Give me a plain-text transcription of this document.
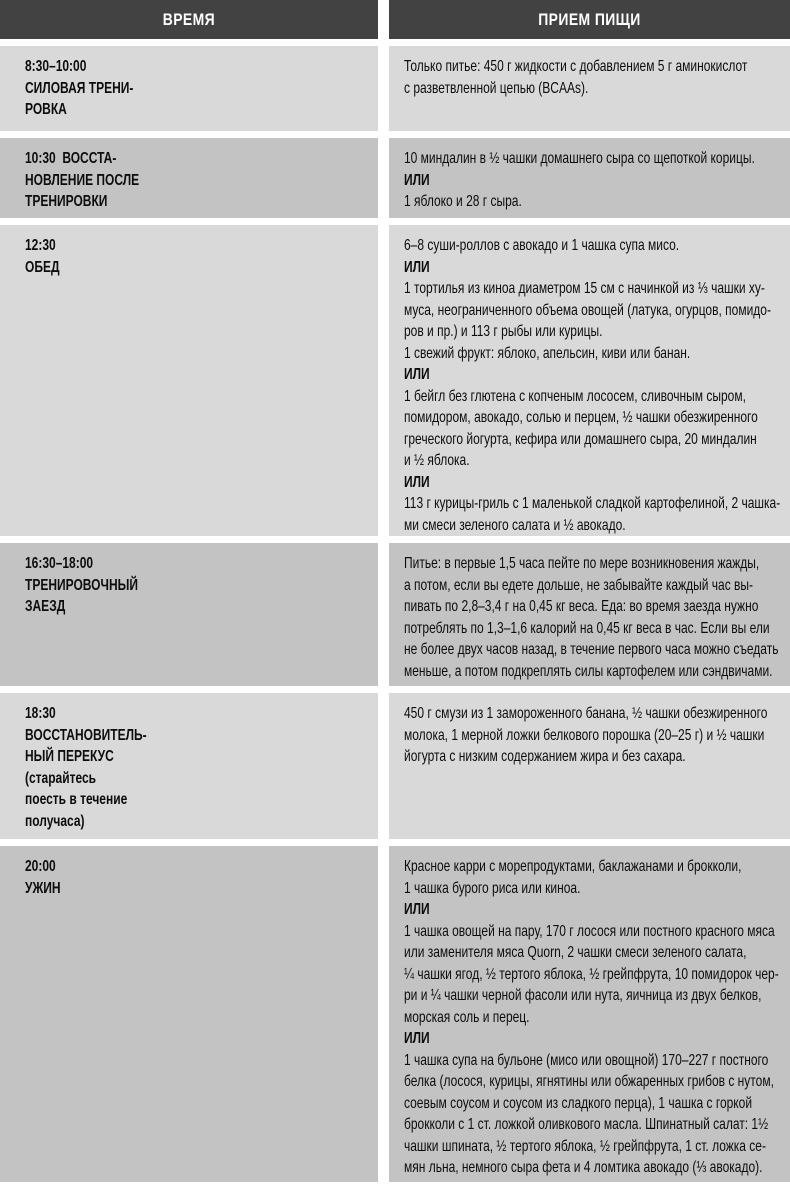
ВРЕМЯ	ПРИЕМ ПИЩИ
8:30–10:00
СИЛОВАЯ ТРЕНИ-
РОВКА
Только питье: 450 г жидкости с добавлением 5 г аминокислот
с разветвленной цепью (BCAAs).
10:30  ВОССТА-
НОВЛЕНИЕ ПОСЛЕ
ТРЕНИРОВКИ
10 миндалин в ½ чашки домашнего сыра со щепоткой корицы.
ИЛИ
1 яблоко и 28 г сыра.
12:30
ОБЕД
6–8 суши-роллов с авокадо и 1 чашка супа мисо.
ИЛИ
1 тортилья из киноа диаметром 15 см с начинкой из ⅓ чашки ху-
муса, неограниченного объема овощей (латука, огурцов, помидо-
ров и пр.) и 113 г рыбы или курицы.
1 свежий фрукт: яблоко, апельсин, киви или банан.
ИЛИ
1 бейгл без глютена с копченым лососем, сливочным сыром,
помидором, авокадо, солью и перцем, ½ чашки обезжиренного
греческого йогурта, кефира или домашнего сыра, 20 миндалин
и ½ яблока.
ИЛИ
113 г курицы-гриль с 1 маленькой сладкой картофелиной, 2 чашка-
ми смеси зеленого салата и ½ авокадо.
16:30–18:00
ТРЕНИРОВОЧНЫЙ
ЗАЕЗД
Питье: в первые 1,5 часа пейте по мере возникновения жажды,
а потом, если вы едете дольше, не забывайте каждый час вы-
пивать по 2,8–3,4 г на 0,45 кг веса. Еда: во время заезда нужно
потреблять по 1,3–1,6 калорий на 0,45 кг веса в час. Если вы ели
не более двух часов назад, в течение первого часа можно съедать
меньше, а потом подкреплять силы картофелем или сэндвичами.
18:30
ВОССТАНОВИТЕЛЬ-
НЫЙ ПЕРЕКУС
(старайтесь
поесть в течение
получаса)
450 г смузи из 1 замороженного банана, ½ чашки обезжиренного
молока, 1 мерной ложки белкового порошка (20–25 г) и ½ чашки
йогурта с низким содержанием жира и без сахара.
20:00
УЖИН
Красное карри с морепродуктами, баклажанами и брокколи,
1 чашка бурого риса или киноа.
ИЛИ
1 чашка овощей на пару, 170 г лосося или постного красного мяса
или заменителя мяса Quorn, 2 чашки смеси зеленого салата,
¼ чашки ягод, ½ тертого яблока, ½ грейпфрута, 10 помидорок чер-
ри и ¼ чашки черной фасоли или нута, яичница из двух белков,
морская соль и перец.
ИЛИ
1 чашка супа на бульоне (мисо или овощной) 170–227 г постного
белка (лосося, курицы, ягнятины или обжаренных грибов с нутом,
соевым соусом и соусом из сладкого перца), 1 чашка с горкой
брокколи с 1 ст. ложкой оливкового масла. Шпинатный салат: 1½
чашки шпината, ½ тертого яблока, ½ грейпфрута, 1 ст. ложка се-
мян льна, немного сыра фета и 4 ломтика авокадо (⅓ авокадо).
